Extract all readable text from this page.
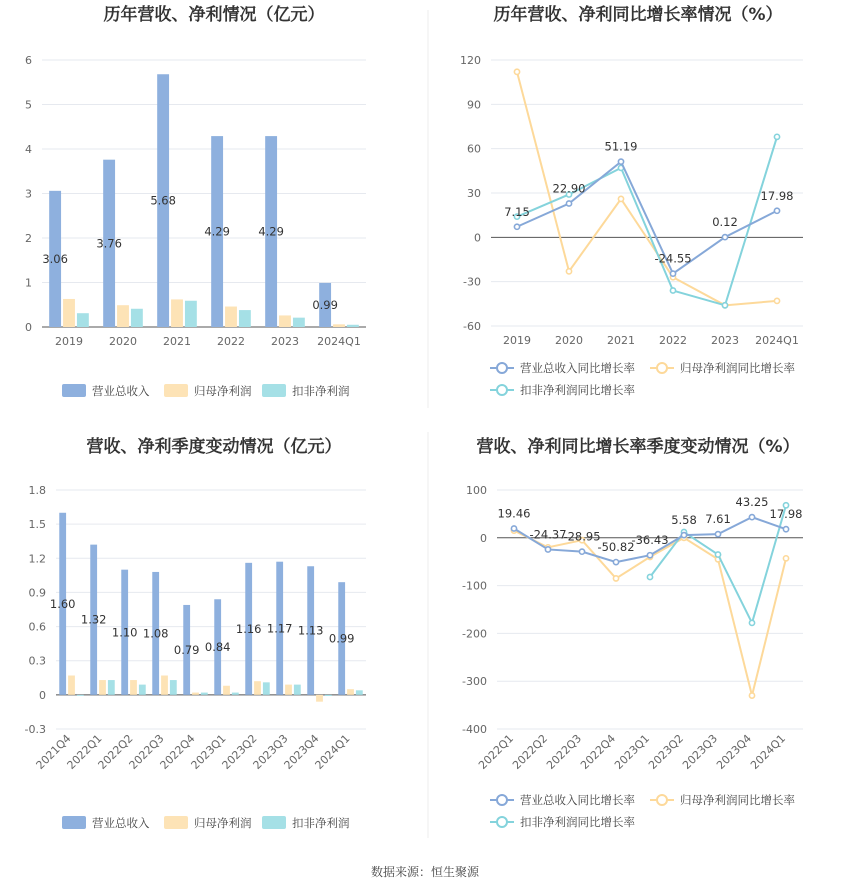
历年营收、净利情况（亿元）
0
1
2
3
4
5
6
2019 2020 2021 2022 2023 2024Q1
3.06
3.76
5.68
4.29 4.29
0.99
营业总收入	归母净利润	扣非净利润
历年营收、净利同比增长率情况（%）
-60
-30
0
30
60
90
120
2019 2020 2021 2022 2023 2024Q1
7.15
22.90
51.19
-24.55
0.12
17.98
营业总收入同比增长率	归母净利润同比增长率
扣非净利润同比增长率
营收、净利季度变动情况（亿元）
-0.3
0
0.3
0.6
0.9
1.2
1.5
1.8
2021Q4
2022Q1
2022Q2
2022Q3
2022Q4
2023Q1
2023Q2
2023Q3
2023Q4
2024Q1
1.60
1.32
1.10 1.08
0.79 0.84
1.16 1.17 1.13
0.99
营业总收入	归母净利润	扣非净利润
营收、净利同比增长率季度变动情况（%）
-400
-300
-200
-100
0
100
2022Q1
2022Q2
2022Q3
2022Q4
2023Q1
2023Q2
2023Q3
2023Q4
2024Q1
19.46
-24.37
-28.95
-50.82
-36.43
5.58 7.61
43.25
17.98
营业总收入同比增长率	归母净利润同比增长率
扣非净利润同比增长率
数据来源：恒生聚源
